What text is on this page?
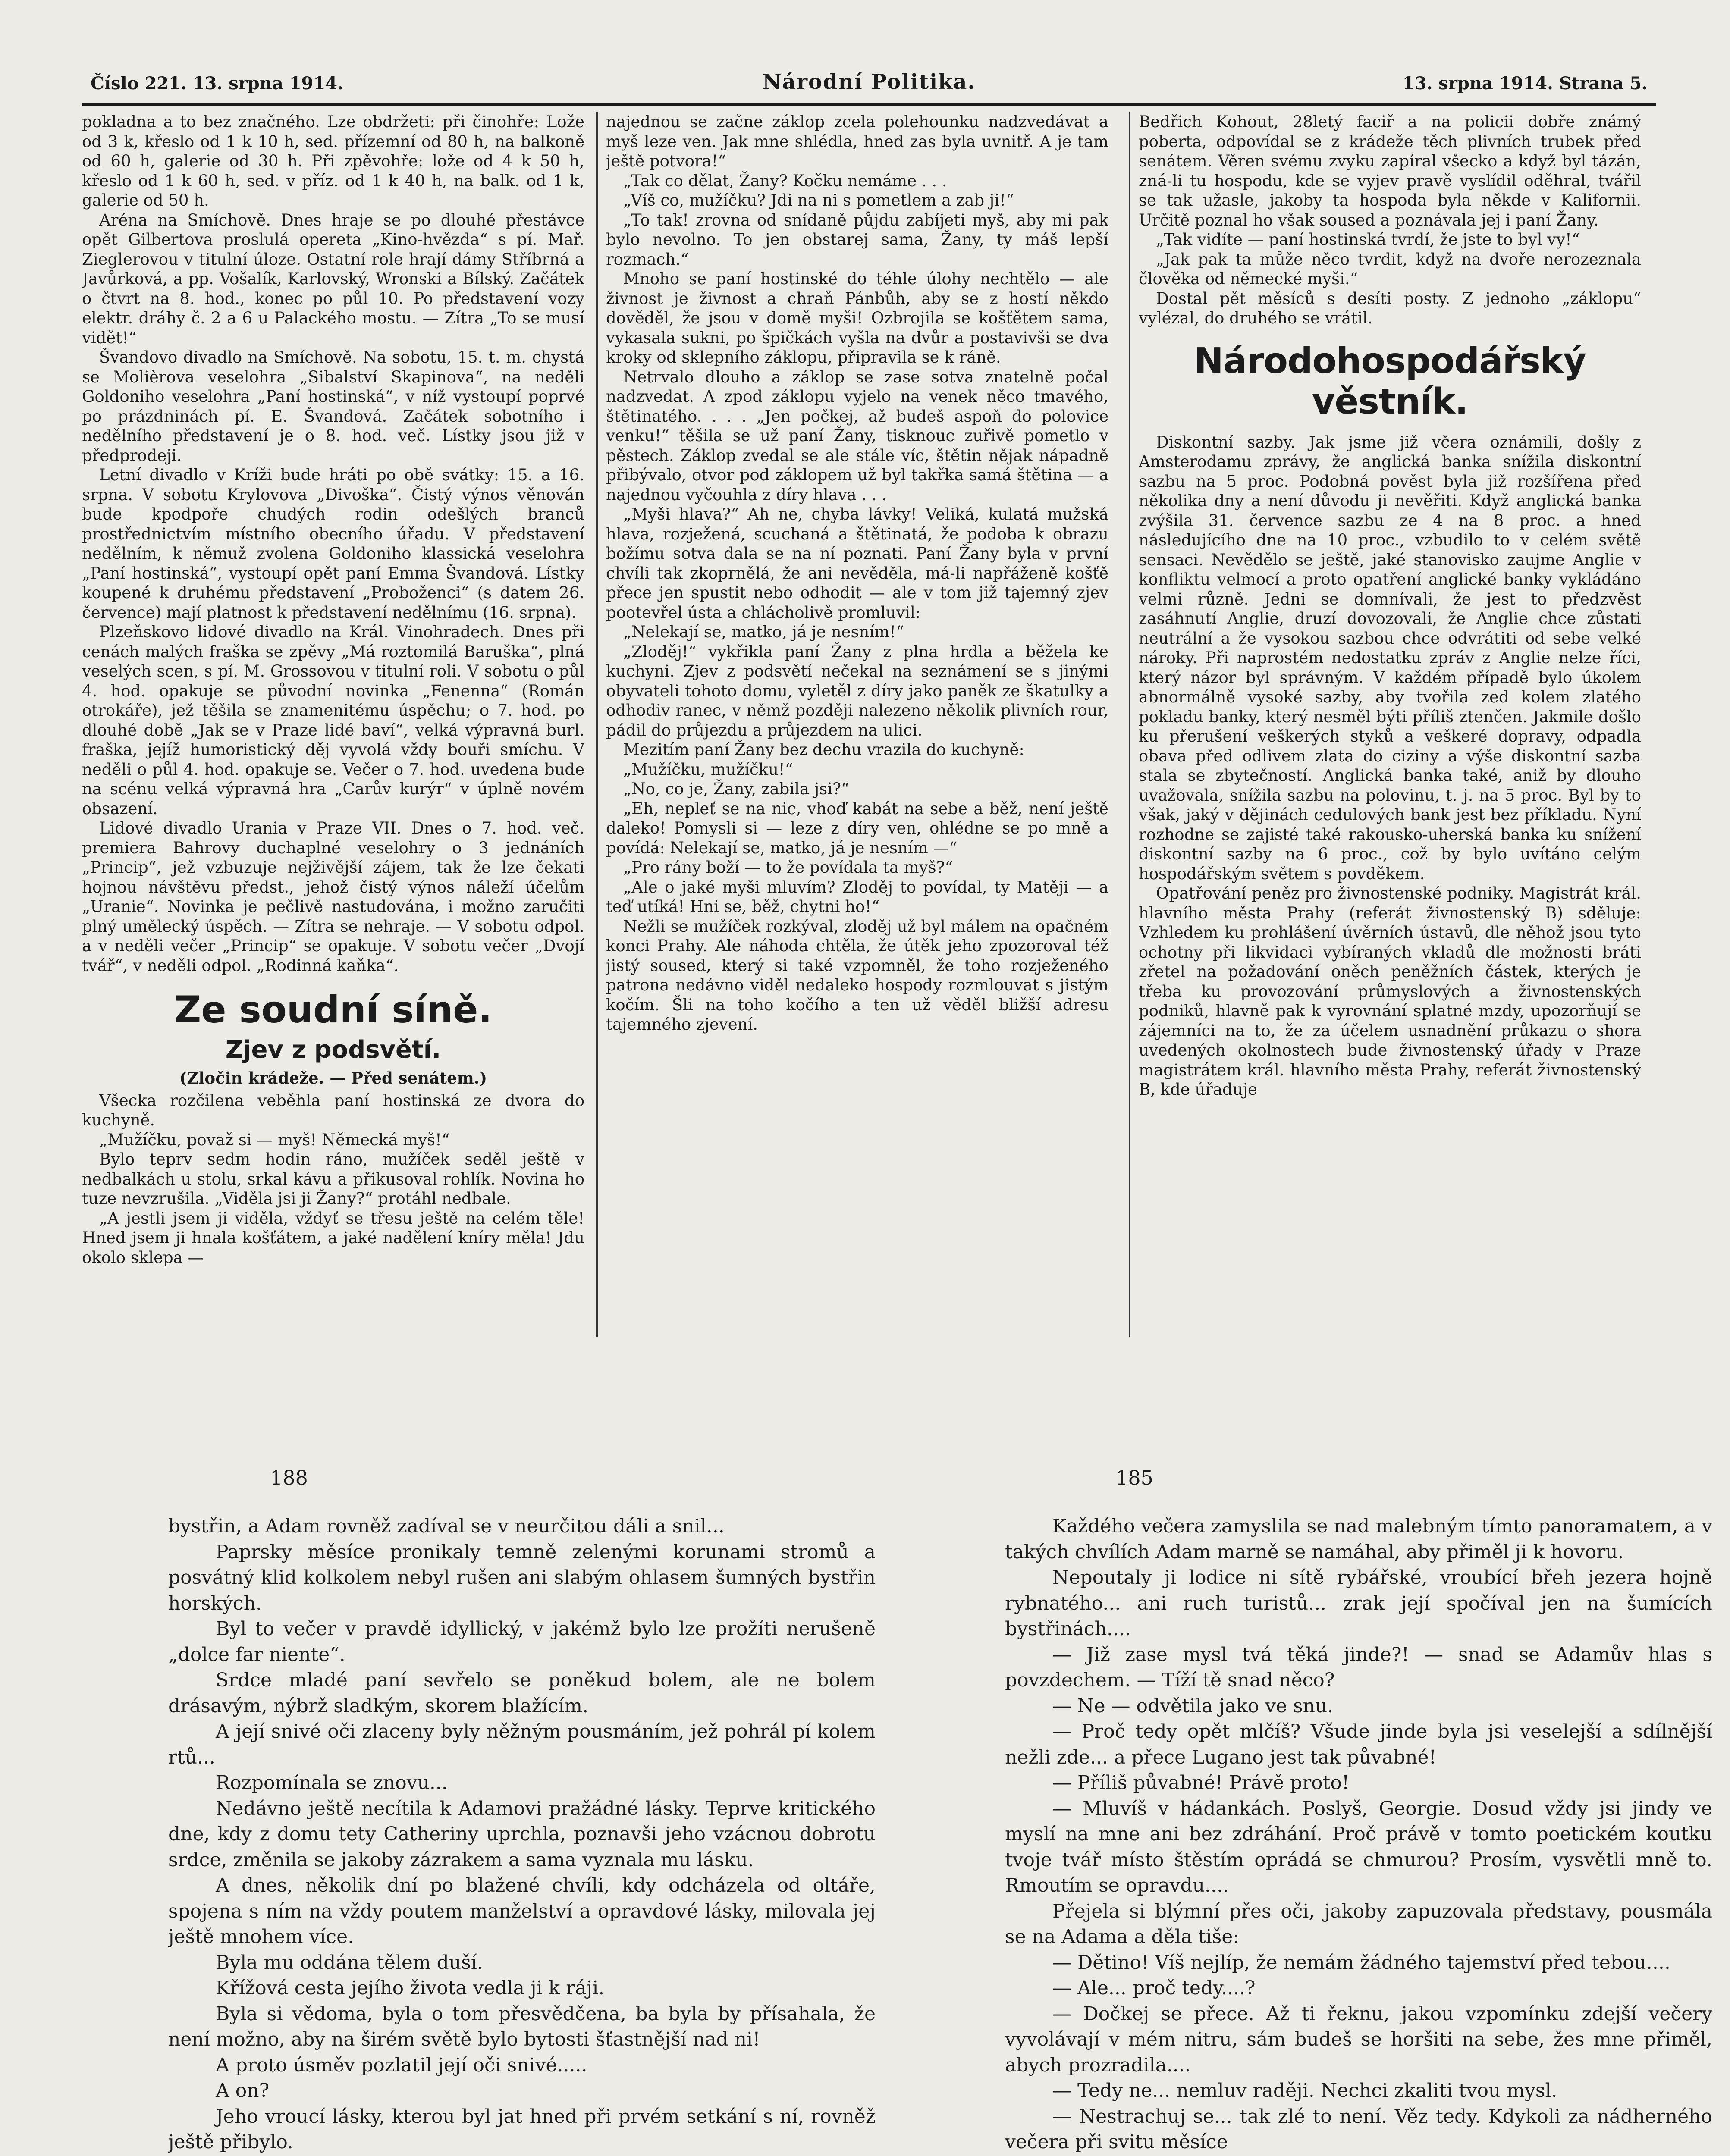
Číslo 221. 13. srpna 1914.	Národní Politika.	13. srpna 1914. Strana 5.

pokladna a to bez značného. Lze obdržeti: při činohře: Lože od 3 k, křeslo od 1 k 10 h, sed. přízemní od 80 h, na balkoně od 60 h, galerie od 30 h. Při zpěvohře: lože od 4 k 50 h, křeslo od 1 k 60 h, sed. v příz. od 1 k 40 h, na balk. od 1 k, galerie od 50 h.

Aréna na Smíchově. Dnes hraje se po dlouhé přestávce opět Gilbertova proslulá opereta „Kino-hvězda“ s pí. Mař. Zieglerovou v titulní úloze. Ostatní role hrají dámy Stříbrná a Javůrková, a pp. Vošalík, Karlovský, Wronski a Bílský. Začátek o čtvrt na 8. hod., konec po půl 10. Po představení vozy elektr. dráhy č. 2 a 6 u Palackého mostu. — Zítra „To se musí vidět!“

Švandovo divadlo na Smíchově. Na sobotu, 15. t. m. chystá se Molièrova veselohra „Sibalství Skapinova“, na neděli Goldoniho veselohra „Paní hostinská“, v níž vystoupí poprvé po prázdninách pí. E. Švandová. Začátek sobotního i nedělního představení je o 8. hod. več. Lístky jsou již v předprodeji.

Letní divadlo v Kríži bude hráti po obě svátky: 15. a 16. srpna. V sobotu Krylovova „Divoška“. Čistý výnos věnován bude kpodpoře chudých rodin odešlých branců prostřednictvím místního obecního úřadu. V představení nedělním, k němuž zvolena Goldoniho klassická veselohra „Paní hostinská“, vystoupí opět paní Emma Švandová. Lístky koupené k druhému představení „Proboženci“ (s datem 26. července) mají platnost k představení nedělnímu (16. srpna).

Plzeňskovo lidové divadlo na Král. Vinohradech. Dnes při cenách malých fraška se zpěvy „Má roztomilá Baruška“, plná veselých scen, s pí. M. Grossovou v titulní roli. V sobotu o půl 4. hod. opakuje se původní novinka „Fenenna“ (Román otrokáře), jež těšila se znamenitému úspěchu; o 7. hod. po dlouhé době „Jak se v Praze lidé baví“, velká výpravná burl. fraška, jejíž humoristický děj vyvolá vždy bouři smíchu. V neděli o půl 4. hod. opakuje se. Večer o 7. hod. uvedena bude na scénu velká výpravná hra „Carův kurýr“ v úplně novém obsazení.

Lidové divadlo Urania v Praze VII. Dnes o 7. hod. več. premiera Bahrovy duchaplné veselohry o 3 jednáních „Princip“, jež vzbuzuje nejživější zájem, tak že lze čekati hojnou návštěvu předst., jehož čistý výnos náleží účelům „Uranie“. Novinka je pečlivě nastudována, i možno zaručiti plný umělecký úspěch. — Zítra se nehraje. — V sobotu odpol. a v neděli večer „Princip“ se opakuje. V sobotu večer „Dvojí tvář“, v neděli odpol. „Rodinná kaňka“.

Ze soudní síně.
Zjev z podsvětí.
(Zločin krádeže. — Před senátem.)

Všecka rozčilena veběhla paní hostinská ze dvora do kuchyně.

„Mužíčku, považ si — myš! Německá myš!“

Bylo teprv sedm hodin ráno, mužíček seděl ještě v nedbalkách u stolu, srkal kávu a přikusoval rohlík. Novina ho tuze nevzrušila. „Viděla jsi ji Žany?“ protáhl nedbale.

„A jestli jsem ji viděla, vždyť se třesu ještě na celém těle! Hned jsem ji hnala košťátem, a jaké nadělení kníry měla! Jdu okolo sklepa —

najednou se začne záklop zcela polehounku nadzvedávat a myš leze ven. Jak mne shlédla, hned zas byla uvnitř. A je tam ještě potvora!“

„Tak co dělat, Žany? Kočku nemáme . . .

„Víš co, mužíčku? Jdi na ni s pometlem a zab ji!“

„To tak! zrovna od snídaně půjdu zabíjeti myš, aby mi pak bylo nevolno. To jen obstarej sama, Žany, ty máš lepší rozmach.“

Mnoho se paní hostinské do téhle úlohy nechtělo — ale živnost je živnost a chraň Pánbůh, aby se z hostí někdo dověděl, že jsou v domě myši! Ozbrojila se košťětem sama, vykasala sukni, po špičkách vyšla na dvůr a postavivši se dva kroky od sklepního záklopu, připravila se k ráně.

Netrvalo dlouho a záklop se zase sotva znatelně počal nadzvedat. A zpod záklopu vyjelo na venek něco tmavého, štětinatého. . . . „Jen počkej, až budeš aspoň do polovice venku!“ těšila se už paní Žany, tisknouc zuřivě pometlo v pěstech. Záklop zvedal se ale stále víc, štětin nějak nápadně přibývalo, otvor pod záklopem už byl takřka samá štětina — a najednou vyčouhla z díry hlava . . .

„Myši hlava?“ Ah ne, chyba lávky! Veliká, kulatá mužská hlava, rozježená, scuchaná a štětinatá, že podoba k obrazu božímu sotva dala se na ní poznati. Paní Žany byla v první chvíli tak zkoprnělá, že ani nevěděla, má-li napřáženě košťě přece jen spustit nebo odhodit — ale v tom již tajemný zjev pootevřel ústa a chlácholivě promluvil:

„Nelekají se, matko, já je nesním!“

„Zloděj!“ vykřikla paní Žany z plna hrdla a běžela ke kuchyni. Zjev z podsvětí nečekal na seznámení se s jinými obyvateli tohoto domu, vyletěl z díry jako paněk ze škatulky a odhodiv ranec, v němž později nalezeno několik plivních rour, pádil do průjezdu a průjezdem na ulici.

Mezitím paní Žany bez dechu vrazila do kuchyně:

„Mužíčku, mužíčku!“

„No, co je, Žany, zabila jsi?“

„Eh, nepleť se na nic, vhoď kabát na sebe a běž, není ještě daleko! Pomysli si — leze z díry ven, ohlédne se po mně a povídá: Nelekají se, matko, já je nesním —“

„Pro rány boží — to že povídala ta myš?“

„Ale o jaké myši mluvím? Zloděj to povídal, ty Matěji — a teď utíká! Hni se, běž, chytni ho!“

Nežli se mužíček rozkýval, zloděj už byl málem na opačném konci Prahy. Ale náhoda chtěla, že útěk jeho zpozoroval též jistý soused, který si také vzpomněl, že toho rozježeného patrona nedávno viděl nedaleko hospody rozmlouvat s jistým kočím. Šli na toho kočího a ten už věděl bližší adresu tajemného zjevení.

Bedřich Kohout, 28letý faciř a na policii dobře známý poberta, odpovídal se z krádeže těch plivních trubek před senátem. Věren svému zvyku zapíral všecko a když byl tázán, zná-li tu hospodu, kde se vyjev pravě vyslídil oděhral, tvářil se tak užasle, jakoby ta hospoda byla někde v Kalifornii. Určitě poznal ho však soused a poznávala jej i paní Žany.

„Tak vidíte — paní hostinská tvrdí, že jste to byl vy!“

„Jak pak ta může něco tvrdit, když na dvoře nerozeznala člověka od německé myši.“

Dostal pět měsíců s desíti posty. Z jednoho „záklopu“ vylézal, do druhého se vrátil.

Národohospodářský věstník.

Diskontní sazby. Jak jsme již včera oznámili, došly z Amsterodamu zprávy, že anglická banka snížila diskontní sazbu na 5 proc. Podobná pověst byla již rozšířena před několika dny a není důvodu ji nevěřiti. Když anglická banka zvýšila 31. července sazbu ze 4 na 8 proc. a hned následujícího dne na 10 proc., vzbudilo to v celém světě sensaci. Nevědělo se ještě, jaké stanovisko zaujme Anglie v konfliktu velmocí a proto opatření anglické banky vykládáno velmi různě. Jedni se domnívali, že jest to předzvěst zasáhnutí Anglie, druzí dovozovali, že Anglie chce zůstati neutrální a že vysokou sazbou chce odvrátiti od sebe velké nároky. Při naprostém nedostatku zpráv z Anglie nelze říci, který názor byl správným. V každém případě bylo úkolem abnormálně vysoké sazby, aby tvořila zed kolem zlatého pokladu banky, který nesměl býti příliš ztenčen. Jakmile došlo ku přerušení veškerých styků a veškeré dopravy, odpadla obava před odlivem zlata do ciziny a výše diskontní sazba stala se zbytečností. Anglická banka také, aniž by dlouho uvažovala, snížila sazbu na polovinu, t. j. na 5 proc. Byl by to však, jaký v dějinách cedulových bank jest bez příkladu. Nyní rozhodne se zajisté také rakousko-uherská banka ku snížení diskontní sazby na 6 proc., což by bylo uvítáno celým hospodářským světem s povděkem.

Opatřování peněz pro živnostenské podniky. Magistrát král. hlavního města Prahy (referát živnostenský B) sděluje: Vzhledem ku prohlášení úvěrních ústavů, dle něhož jsou tyto ochotny při likvidaci vybíraných vkladů dle možnosti bráti zřetel na požadování oněch peněžních částek, kterých je třeba ku provozování průmyslových a živnostenských podniků, hlavně pak k vyrovnání splatné mzdy, upozorňují se zájemníci na to, že za účelem usnadnění průkazu o shora uvedených okolnostech bude živnostenský úřady v Praze magistrátem král. hlavního města Prahy, referát živnostenský B, kde úřaduje

188

bystřin, a Adam rovněž zadíval se v neurčitou dáli a snil...

Paprsky měsíce pronikaly temně zelenými korunami stromů a posvátný klid kolkolem nebyl rušen ani slabým ohlasem šumných bystřin horských.

Byl to večer v pravdě idyllický, v jakémž bylo lze prožíti nerušeně „dolce far niente“.

Srdce mladé paní sevřelo se poněkud bolem, ale ne bolem drásavým, nýbrž sladkým, skorem blažícím.

A její snivé oči zlaceny byly něžným pousmáním, jež pohrál pí kolem rtů...

Rozpomínala se znovu...

Nedávno ještě necítila k Adamovi pražádné lásky. Teprve kritického dne, kdy z domu tety Catheriny uprchla, poznavši jeho vzácnou dobrotu srdce, změnila se jakoby zázrakem a sama vyznala mu lásku.

A dnes, několik dní po blažené chvíli, kdy odcházela od oltáře, spojena s ním na vždy poutem manželství a opravdové lásky, milovala jej ještě mnohem více.

Byla mu oddána tělem duší.

Křížová cesta jejího života vedla ji k ráji.

Byla si vědoma, byla o tom přesvědčena, ba byla by přísahala, že není možno, aby na širém světě bylo bytosti šťastnější nad ni!

A proto úsměv pozlatil její oči snivé.....

A on?

Jeho vroucí lásky, kterou byl jat hned při prvém setkání s ní, rovněž ještě přibylo.

185

Každého večera zamyslila se nad malebným tímto panoramatem, a v takých chvílích Adam marně se namáhal, aby přiměl ji k hovoru.

Nepoutaly ji lodice ni sítě rybářské, vroubící břeh jezera hojně rybnatého... ani ruch turistů... zrak její spočíval jen na šumících bystřinách....

— Již zase mysl tvá těká jinde?! — snad se Adamův hlas s povzdechem. — Tíží tě snad něco?

— Ne — odvětila jako ve snu.

— Proč tedy opět mlčíš? Všude jinde byla jsi veselejší a sdílnější nežli zde... a přece Lugano jest tak půvabné!

— Příliš půvabné! Právě proto!

— Mluvíš v hádankách. Poslyš, Georgie. Dosud vždy jsi jindy ve myslí na mne ani bez zdráhání. Proč právě v tomto poetickém koutku tvoje tvář místo štěstím oprádá se chmurou? Prosím, vysvětli mně to. Rmoutím se opravdu....

Přejela si blýmní přes oči, jakoby zapuzovala představy, pousmála se na Adama a děla tiše:

— Dětino! Víš nejlíp, že nemám žádného tajemství před tebou....

— Ale... proč tedy....?

— Dočkej se přece. Až ti řeknu, jakou vzpomínku zdejší večery vyvolávají v mém nitru, sám budeš se horšiti na sebe, žes mne přiměl, abych prozradila....

— Tedy ne... nemluv raději. Nechci zkaliti tvou mysl.

— Nestrachuj se... tak zlé to není. Věz tedy. Kdykoli za nádherného večera při svitu měsíce
